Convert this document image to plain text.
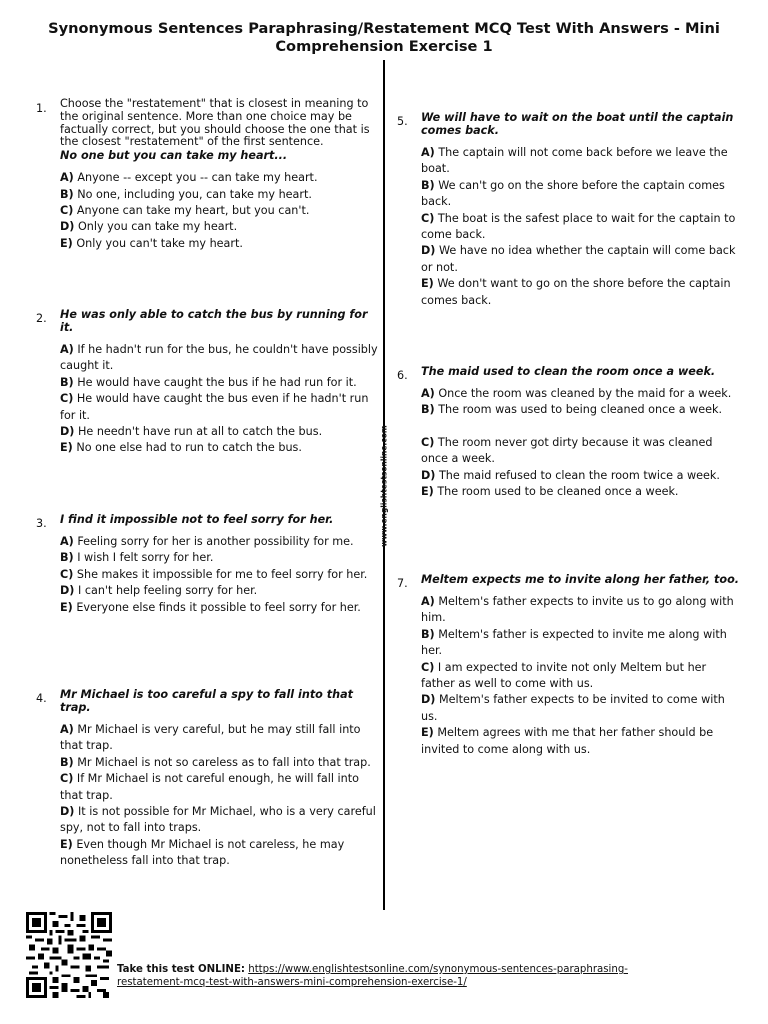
Synonymous Sentences Paraphrasing/Restatement MCQ Test With Answers - Mini Comprehension Exercise 1
www.englishtestsonline.com
1. Choose the "restatement" that is closest in meaning to the original sentence. More than one choice may be factually correct, but you should choose the one that is the closest "restatement" of the first sentence.
No one but you can take my heart...
A) Anyone -- except you -- can take my heart.
B) No one, including you, can take my heart.
C) Anyone can take my heart, but you can't.
D) Only you can take my heart.
E) Only you can't take my heart.
2. He was only able to catch the bus by running for it.
A) If he hadn't run for the bus, he couldn't have possibly caught it.
B) He would have caught the bus if he had run for it.
C) He would have caught the bus even if he hadn't run for it.
D) He needn't have run at all to catch the bus.
E) No one else had to run to catch the bus.
3. I find it impossible not to feel sorry for her.
A) Feeling sorry for her is another possibility for me.
B) I wish I felt sorry for her.
C) She makes it impossible for me to feel sorry for her.
D) I can't help feeling sorry for her.
E) Everyone else finds it possible to feel sorry for her.
4. Mr Michael is too careful a spy to fall into that trap.
A) Mr Michael is very careful, but he may still fall into that trap.
B) Mr Michael is not so careless as to fall into that trap.
C) If Mr Michael is not careful enough, he will fall into that trap.
D) It is not possible for Mr Michael, who is a very careful spy, not to fall into traps.
E) Even though Mr Michael is not careless, he may nonetheless fall into that trap.
5. We will have to wait on the boat until the captain comes back.
A) The captain will not come back before we leave the boat.
B) We can't go on the shore before the captain comes back.
C) The boat is the safest place to wait for the captain to come back.
D) We have no idea whether the captain will come back or not.
E) We don't want to go on the shore before the captain comes back.
6. The maid used to clean the room once a week.
A) Once the room was cleaned by the maid for a week.
B) The room was used to being cleaned once a week.
C) The room never got dirty because it was cleaned once a week.
D) The maid refused to clean the room twice a week.
E) The room used to be cleaned once a week.
7. Meltem expects me to invite along her father, too.
A) Meltem's father expects to invite us to go along with him.
B) Meltem's father is expected to invite me along with her.
C) I am expected to invite not only Meltem but her father as well to come with us.
D) Meltem's father expects to be invited to come with us.
E) Meltem agrees with me that her father should be invited to come along with us.
Take this test ONLINE: https://www.englishtestsonline.com/synonymous-sentences-paraphrasing-restatement-mcq-test-with-answers-mini-comprehension-exercise-1/
